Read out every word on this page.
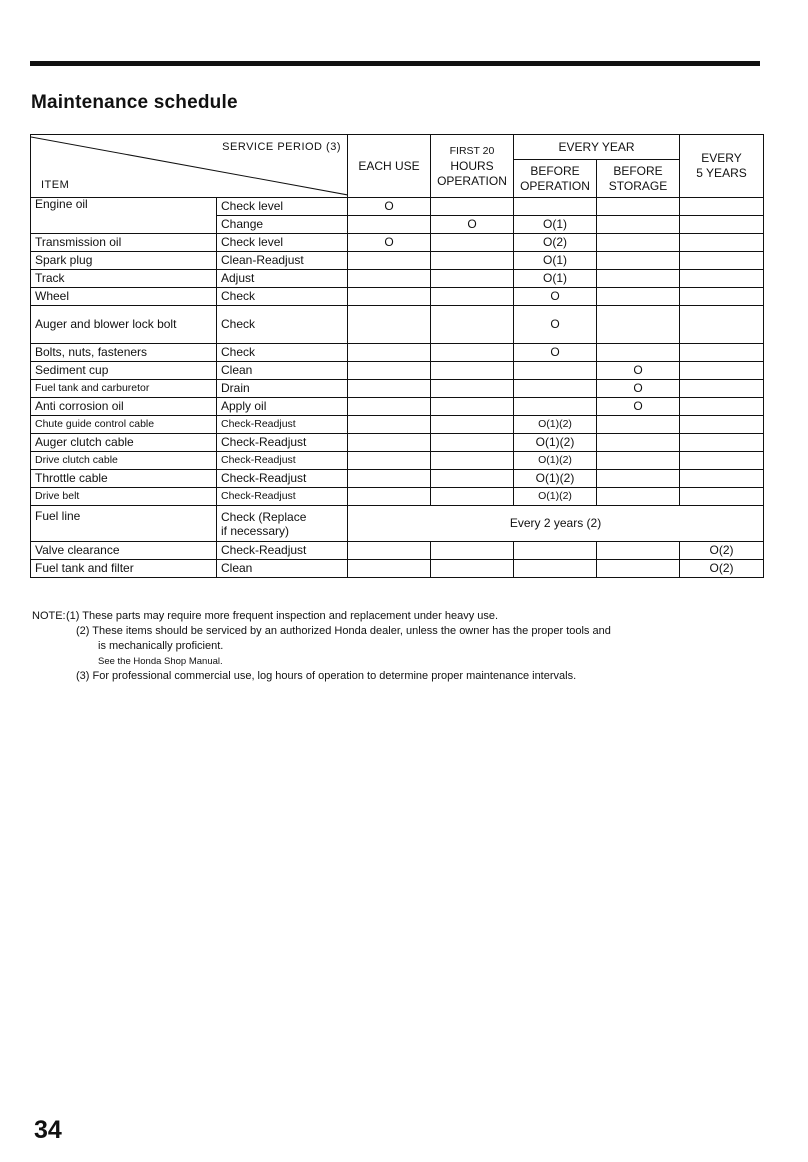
Maintenance schedule
SERVICE PERIOD (3)
ITEM		EACH USE	FIRST 20
HOURS
OPERATION	EVERY YEAR		EVERY
5 YEARS
				BEFORE
OPERATION	BEFORE
STORAGE	
Engine oil	Check level	O				
	Change		O	O(1)		
Transmission oil	Check level	O		O(2)		
Spark plug	Clean-Readjust			O(1)		
Track	Adjust			O(1)		
Wheel	Check			O		
Auger and blower lock bolt	Check			O		
Bolts, nuts, fasteners	Check			O		
Sediment cup	Clean				O	
Fuel tank and carburetor	Drain				O	
Anti corrosion oil	Apply oil				O	
Chute guide control cable	Check-Readjust			O(1)(2)		
Auger clutch cable	Check-Readjust			O(1)(2)		
Drive clutch cable	Check-Readjust			O(1)(2)		
Throttle cable	Check-Readjust			O(1)(2)		
Drive belt	Check-Readjust			O(1)(2)		
Fuel line	Check (Replace
if necessary)	Every 2 years (2)				
Valve clearance	Check-Readjust					O(2)
Fuel tank and filter	Clean					O(2)
NOTE: (1) These parts may require more frequent inspection and replacement under heavy use.
(2) These items should be serviced by an authorized Honda dealer, unless the owner has the proper tools and
is mechanically proficient.
See the Honda Shop Manual.
(3) For professional commercial use, log hours of operation to determine proper maintenance intervals.
34
